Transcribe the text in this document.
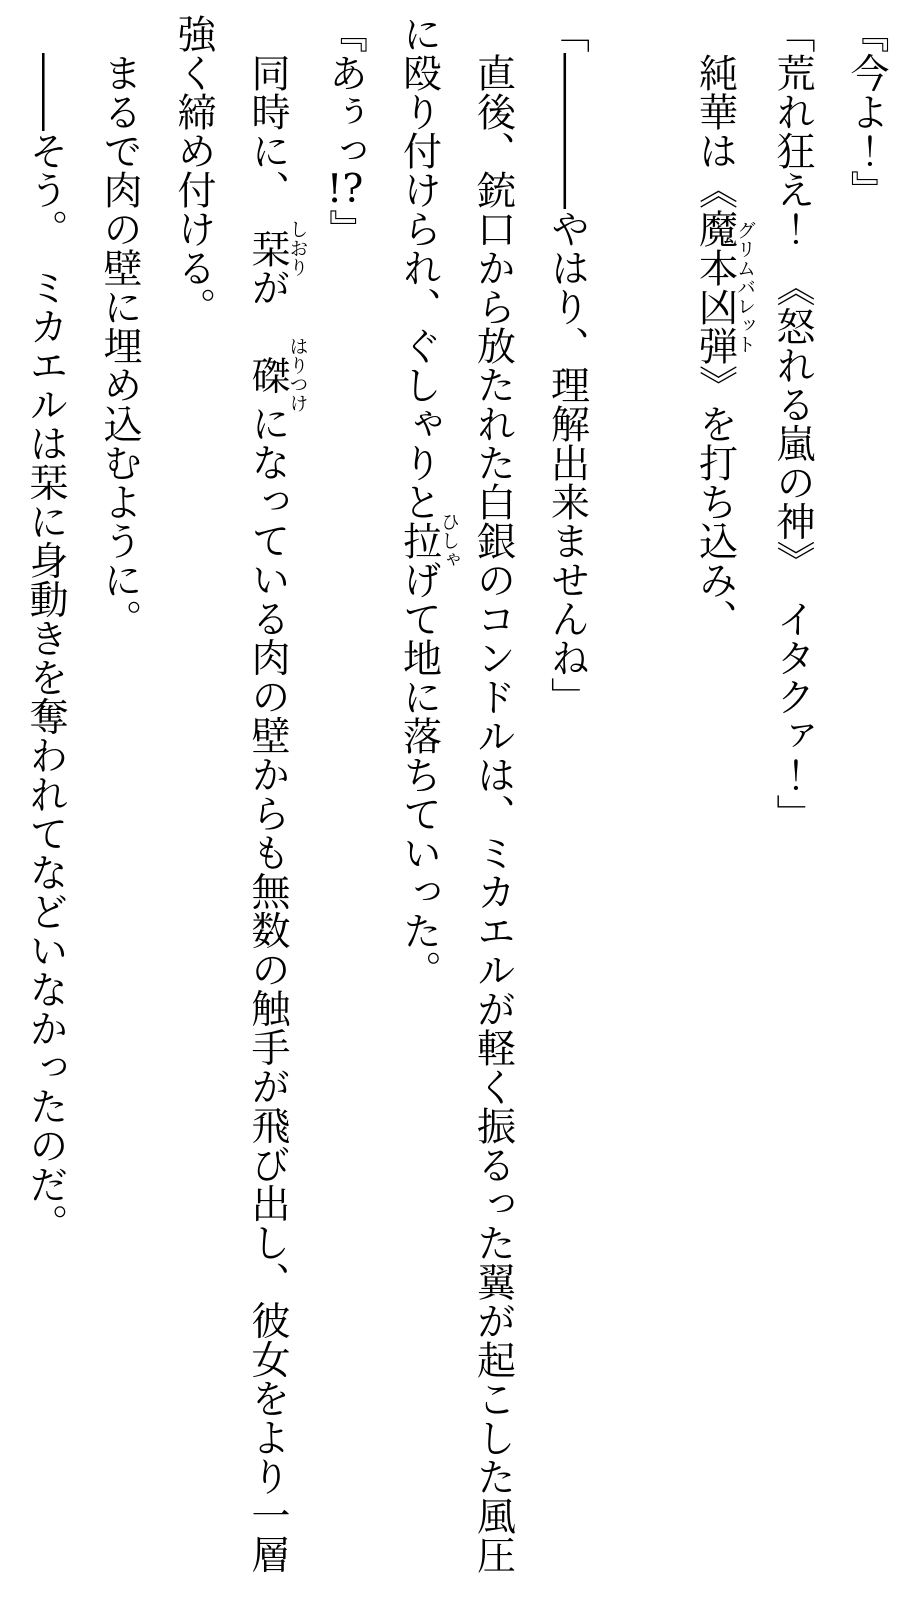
『今よ！』

「荒れ狂え！　《怒れる嵐の神》　イタクァ！」

純華は《魔本凶弾グリムバレット》を打ち込み、

「――――やはり、理解出来ませんね」

直後、銃口から放たれた白銀のコンドルは、ミカエルが軽く振るった翼が起こした風圧に殴り付けられ、ぐしゃりと拉ひしゃげて地に落ちていった。

『あぅっ!?』

同時に、　栞しおりが　磔はりつけになっている肉の壁からも無数の触手が飛び出し、彼女をより一層強く締め付ける。

まるで肉の壁に埋め込むように。

――そう。　ミカエルは栞に身動きを奪われてなどいなかったのだ。
